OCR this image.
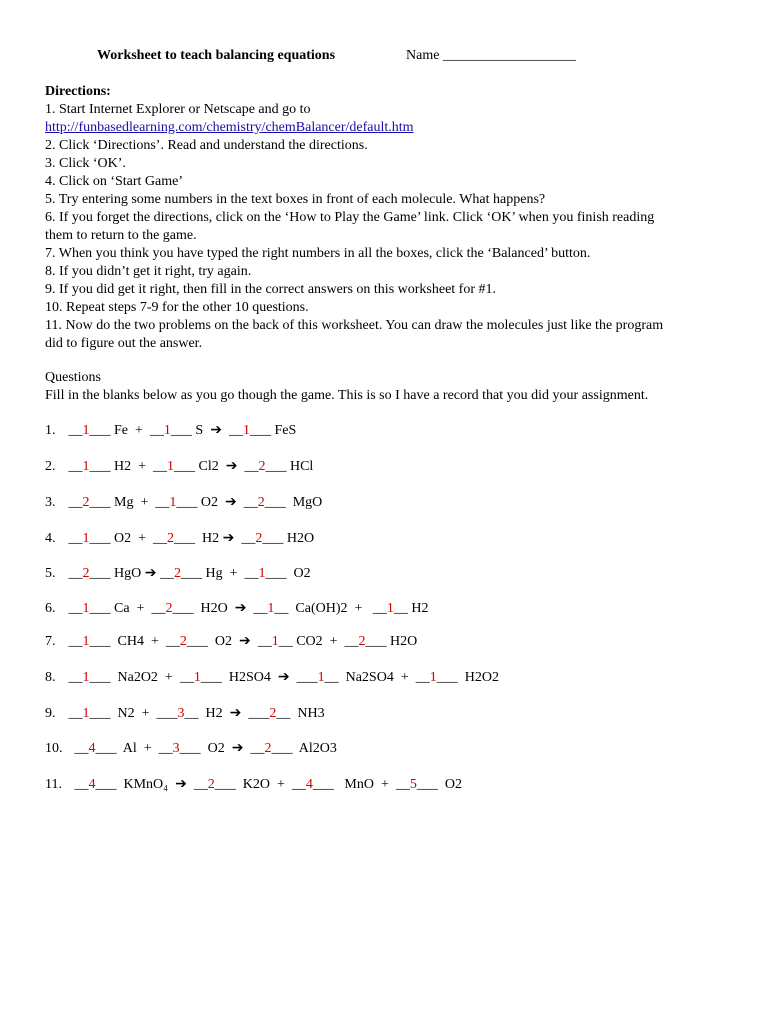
Worksheet to teach balancing equations	Name ___________________
Directions:
1. Start Internet Explorer or Netscape and go to
http://funbasedlearning.com/chemistry/chemBalancer/default.htm
2. Click ‘Directions’. Read and understand the directions.
3. Click ‘OK’.
4. Click on ‘Start Game’
5. Try entering some numbers in the text boxes in front of each molecule. What happens?
6. If you forget the directions, click on the ‘How to Play the Game’ link. Click ‘OK’ when you finish reading
them to return to the game.
7. When you think you have typed the right numbers in all the boxes, click the ‘Balanced’ button.
8. If you didn’t get it right, try again.
9. If you did get it right, then fill in the correct answers on this worksheet for #1.
10. Repeat steps 7-9 for the other 10 questions.
11. Now do the two problems on the back of this worksheet. You can draw the molecules just like the program
did to figure out the answer.
Questions
Fill in the blanks below as you go though the game. This is so I have a record that you did your assignment.
1. __1___ Fe  +  __1___ S  ➔  __1___ FeS
2. __1___ H2  +  __1___ Cl2  ➔  __2___ HCl
3. __2___ Mg  +  __1___ O2  ➔  __2___  MgO
4. __1___ O2  +  __2___  H2 ➔  __2___ H2O
5. __2___ HgO ➔ __2___ Hg  +  __1___  O2
6. __1___ Ca  +  __2___  H2O  ➔  __1__  Ca(OH)2  +   __1__ H2
7. __1___  CH4  +  __2___  O2  ➔  __1__ CO2  +  __2___ H2O
8. __1___  Na2O2  +  __1___  H2SO4  ➔  ___1__  Na2SO4  +  __1___  H2O2
9. __1___  N2  +  ___3__  H2  ➔  ___2__  NH3
10. __4___  Al  +  __3___  O2  ➔  __2___  Al2O3
11. __4___  KMnO₄  ➔  __2___  K2O  +  __4___   MnO  +  __5___  O2
